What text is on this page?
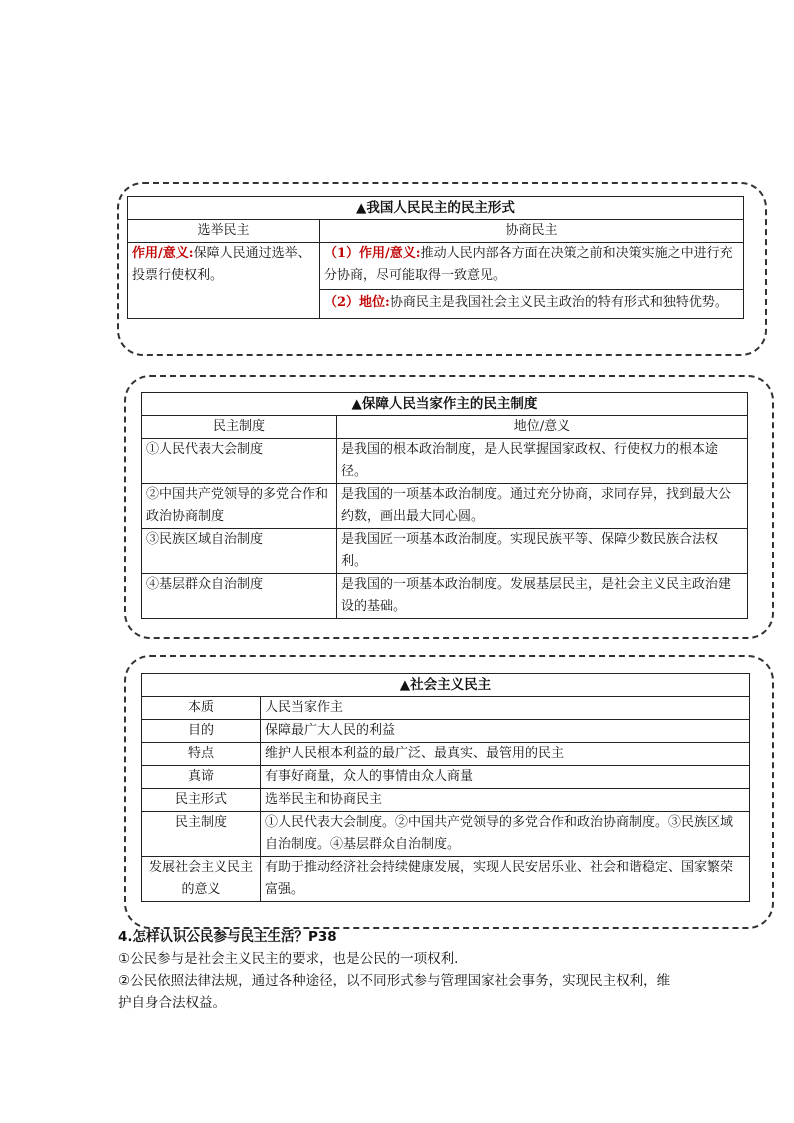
▲我国人民民主的民主形式	
选举民主	协商民主
作用/意义:保障人民通过选举、投票行使权利。	（1）作用/意义:推动人民内部各方面在决策之前和决策实施之中进行充分协商，尽可能取得一致意见。
	（2）地位:协商民主是我国社会主义民主政治的特有形式和独特优势。
▲保障人民当家作主的民主制度	
民主制度	地位/意义
①人民代表大会制度	是我国的根本政治制度，是人民掌握国家政权、行使权力的根本途径。
②中国共产党领导的多党合作和政治协商制度	是我国的一项基本政治制度。通过充分协商，求同存异，找到最大公约数，画出最大同心圆。
③民族区域自治制度	是我国匠一项基本政治制度。实现民族平等、保障少数民族合法权利。
④基层群众自治制度	是我国的一项基本政治制度。发展基层民主，是社会主义民主政治建设的基础。
▲社会主义民主	
本质	人民当家作主
目的	保障最广大人民的利益
特点	维护人民根本利益的最广泛、最真实、最管用的民主
真谛	有事好商量，众人的事情由众人商量
民主形式	选举民主和协商民主
民主制度	①人民代表大会制度。②中国共产党领导的多党合作和政治协商制度。③民族区域自治制度。④基层群众自治制度。
发展社会主义民主的意义	有助于推动经济社会持续健康发展，实现人民安居乐业、社会和谐稳定、国家繁荣富强。
4.怎样认识公民参与民主生活？P38
①公民参与是社会主义民主的要求，也是公民的一项权利.
②公民依照法律法规，通过各种途径，以不同形式参与管理国家社会事务，实现民主权利，维护自身合法权益。
